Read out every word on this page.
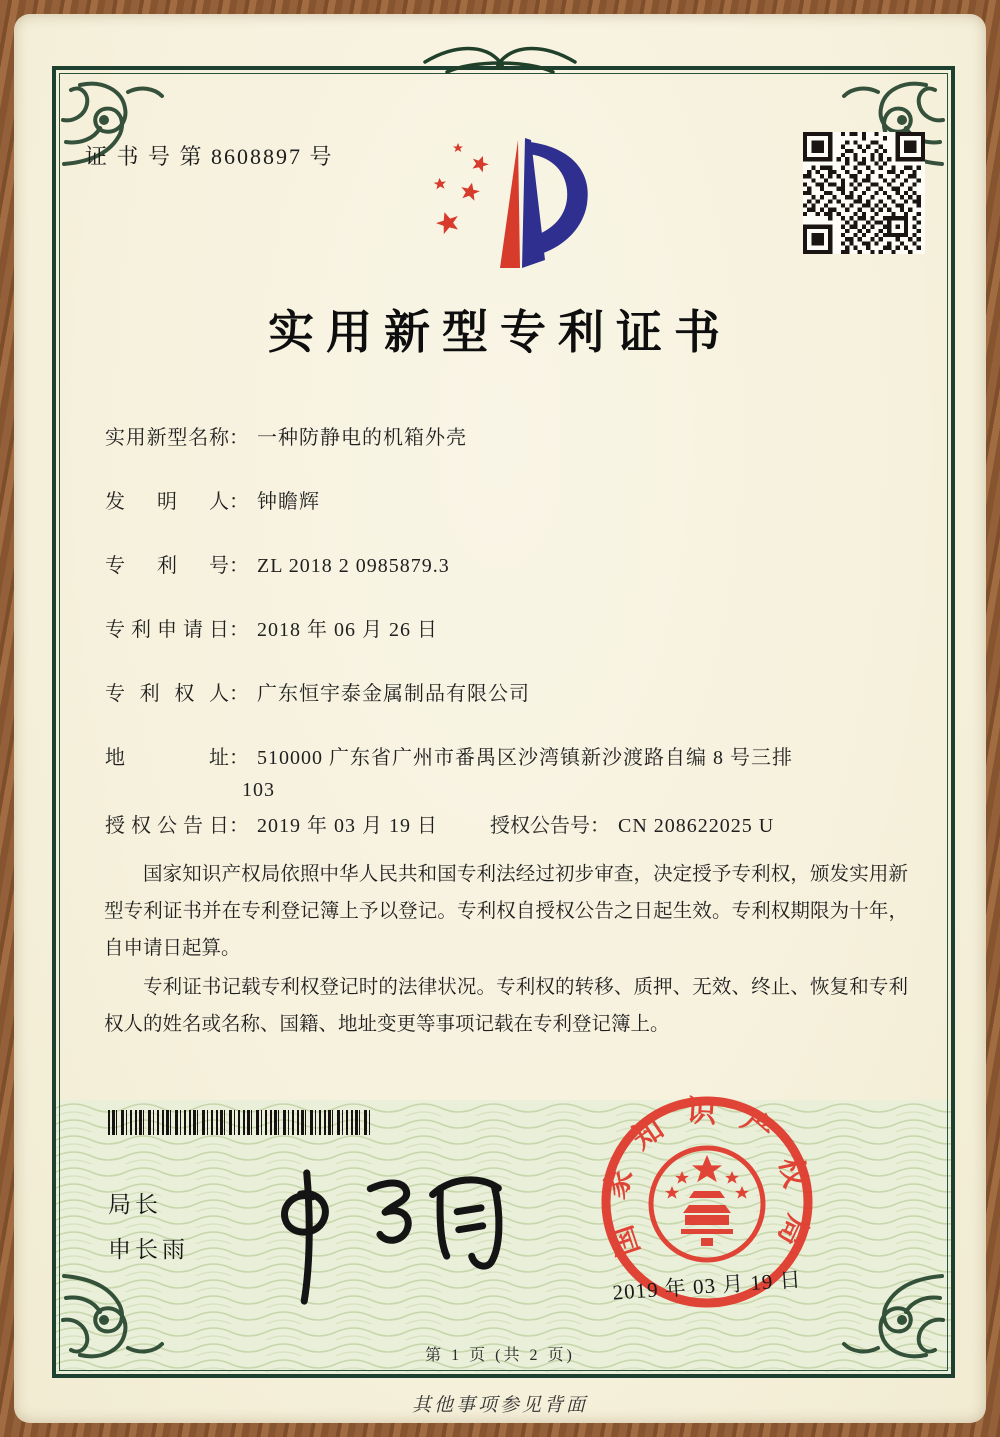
证 书 号 第 8608897 号
实用新型专利证书
实用新型名称： 一种防静电的机箱外壳
发明人： 钟瞻辉
专利号： ZL 2018 2 0985879.3
专利申请日： 2018 年 06 月 26 日
专利权人： 广东恒宇泰金属制品有限公司
地址： 510000 广东省广州市番禺区沙湾镇新沙渡路自编 8 号三排
103
授权公告日： 2019 年 03 月 19 日	授权公告号： CN 208622025 U

国家知识产权局依照中华人民共和国专利法经过初步审查，决定授予专利权，颁发实用新型专利证书并在专利登记簿上予以登记。专利权自授权公告之日起生效。专利权期限为十年，自申请日起算。

专利证书记载专利权登记时的法律状况。专利权的转移、质押、无效、终止、恢复和专利权人的姓名或名称、国籍、地址变更等事项记载在专利登记簿上。

局长
申长雨	国家知识产权局
2019 年 03 月 19 日
第 1 页 (共 2 页)
其他事项参见背面
